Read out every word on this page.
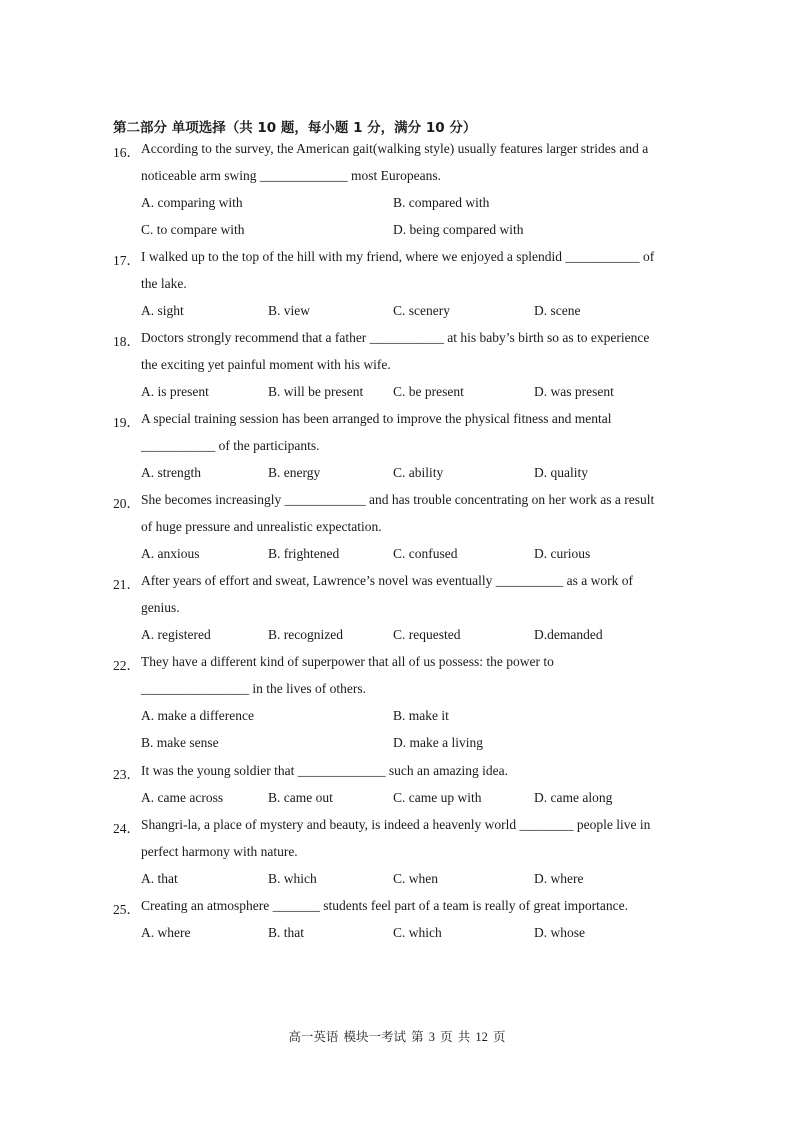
第二部分 单项选择（共 10 题，每小题 1 分，满分 10 分）
16． According to the survey, the American gait(walking style) usually features larger strides and a
noticeable arm swing _____________ most Europeans.
A. comparing with	B. compared with
C. to compare with	D. being compared with
17． I walked up to the top of the hill with my friend, where we enjoyed a splendid ___________ of
the lake.
A. sight	B. view	C. scenery	D. scene
18． Doctors strongly recommend that a father ___________ at his baby’s birth so as to experience
the exciting yet painful moment with his wife.
A. is present	B. will be present C. be present	D. was present
19． A special training session has been arranged to improve the physical fitness and mental
___________ of the participants.
A. strength	B. energy	C. ability	D. quality
20． She becomes increasingly ____________ and has trouble concentrating on her work as a result
of huge pressure and unrealistic expectation.
A. anxious	B. frightened	C. confused	D. curious
21． After years of effort and sweat, Lawrence’s novel was eventually __________ as a work of
genius.
A. registered	B. recognized	C. requested	D.demanded
22． They have a different kind of superpower that all of us possess: the power to
________________ in the lives of others.
A. make a difference	B. make it
B. make sense	D. make a living
23． It was the young soldier that _____________ such an amazing idea.
A. came across	B. came out	C. came up with	D. came along
24． Shangri-la, a place of mystery and beauty, is indeed a heavenly world ________ people live in
perfect harmony with nature.
A. that	B. which	C. when	D. where
25． Creating an atmosphere _______ students feel part of a team is really of great importance.
A. where	B. that	C. which	D. whose
高一英语 模块一考试 第 3 页 共 12 页
